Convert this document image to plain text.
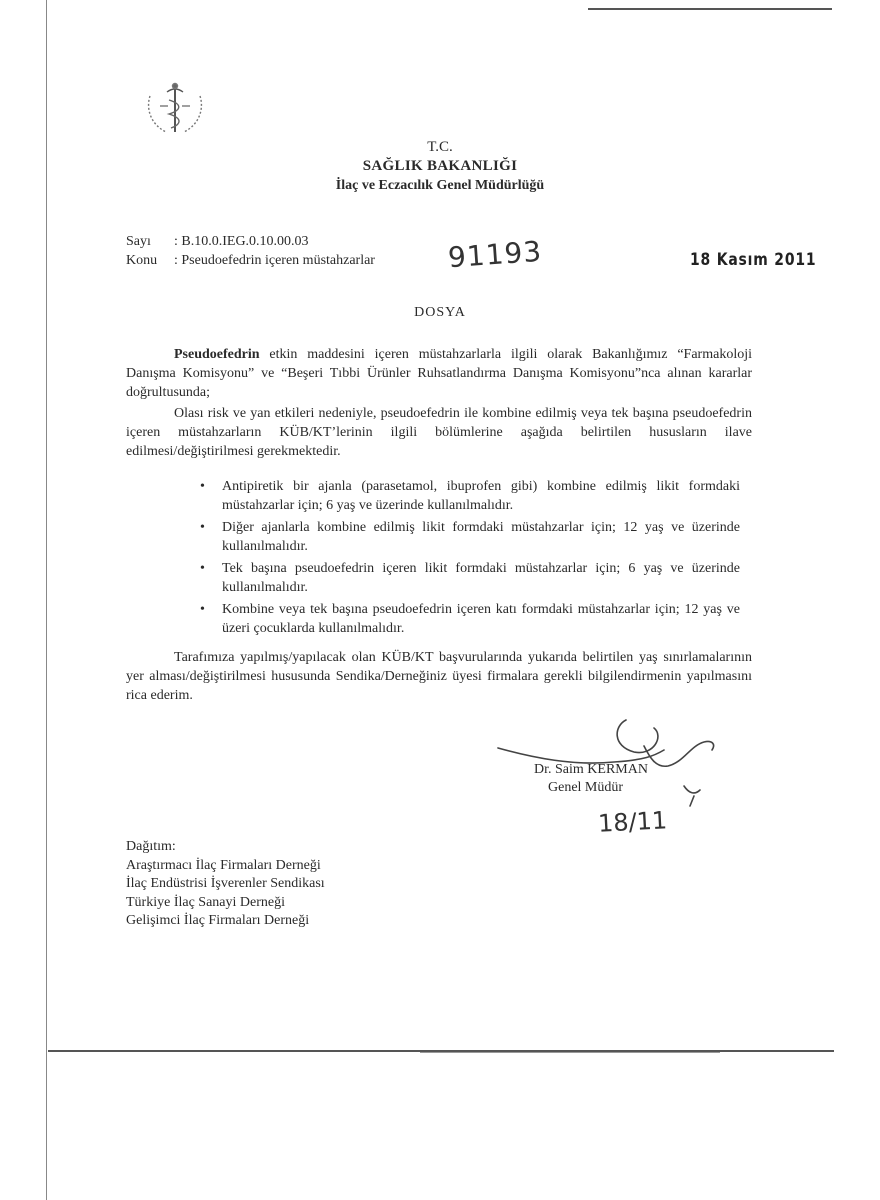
T.C.
SAĞLIK BAKANLIĞI
İlaç ve Eczacılık Genel Müdürlüğü
Sayı : B.10.0.IEG.0.10.00.03
Konu : Pseudoefedrin içeren müstahzarlar	91193	18 Kasım 2011
DOSYA
Pseudoefedrin etkin maddesini içeren müstahzarlarla ilgili olarak Bakanlığımız “Farmakoloji Danışma Komisyonu” ve “Beşeri Tıbbi Ürünler Ruhsatlandırma Danışma Komisyonu”nca alınan kararlar doğrultusunda;
Olası risk ve yan etkileri nedeniyle, pseudoefedrin ile kombine edilmiş veya tek başına pseudoefedrin içeren müstahzarların KÜB/KT’lerinin ilgili bölümlerine aşağıda belirtilen hususların ilave edilmesi/değiştirilmesi gerekmektedir.
• Antipiretik bir ajanla (parasetamol, ibuprofen gibi) kombine edilmiş likit formdaki müstahzarlar için; 6 yaş ve üzerinde kullanılmalıdır.
• Diğer ajanlarla kombine edilmiş likit formdaki müstahzarlar için; 12 yaş ve üzerinde kullanılmalıdır.
• Tek başına pseudoefedrin içeren likit formdaki müstahzarlar için; 6 yaş ve üzerinde kullanılmalıdır.
• Kombine veya tek başına pseudoefedrin içeren katı formdaki müstahzarlar için; 12 yaş ve üzeri çocuklarda kullanılmalıdır.
Tarafımıza yapılmış/yapılacak olan KÜB/KT başvurularında yukarıda belirtilen yaş sınırlamalarının yer alması/değiştirilmesi hususunda Sendika/Derneğiniz üyesi firmalara gerekli bilgilendirmenin yapılmasını rica ederim.
Dr. Saim KERMAN
Genel Müdür
18/11
Dağıtım:
Araştırmacı İlaç Firmaları Derneği
İlaç Endüstrisi İşverenler Sendikası
Türkiye İlaç Sanayi Derneği
Gelişimci İlaç Firmaları Derneği
